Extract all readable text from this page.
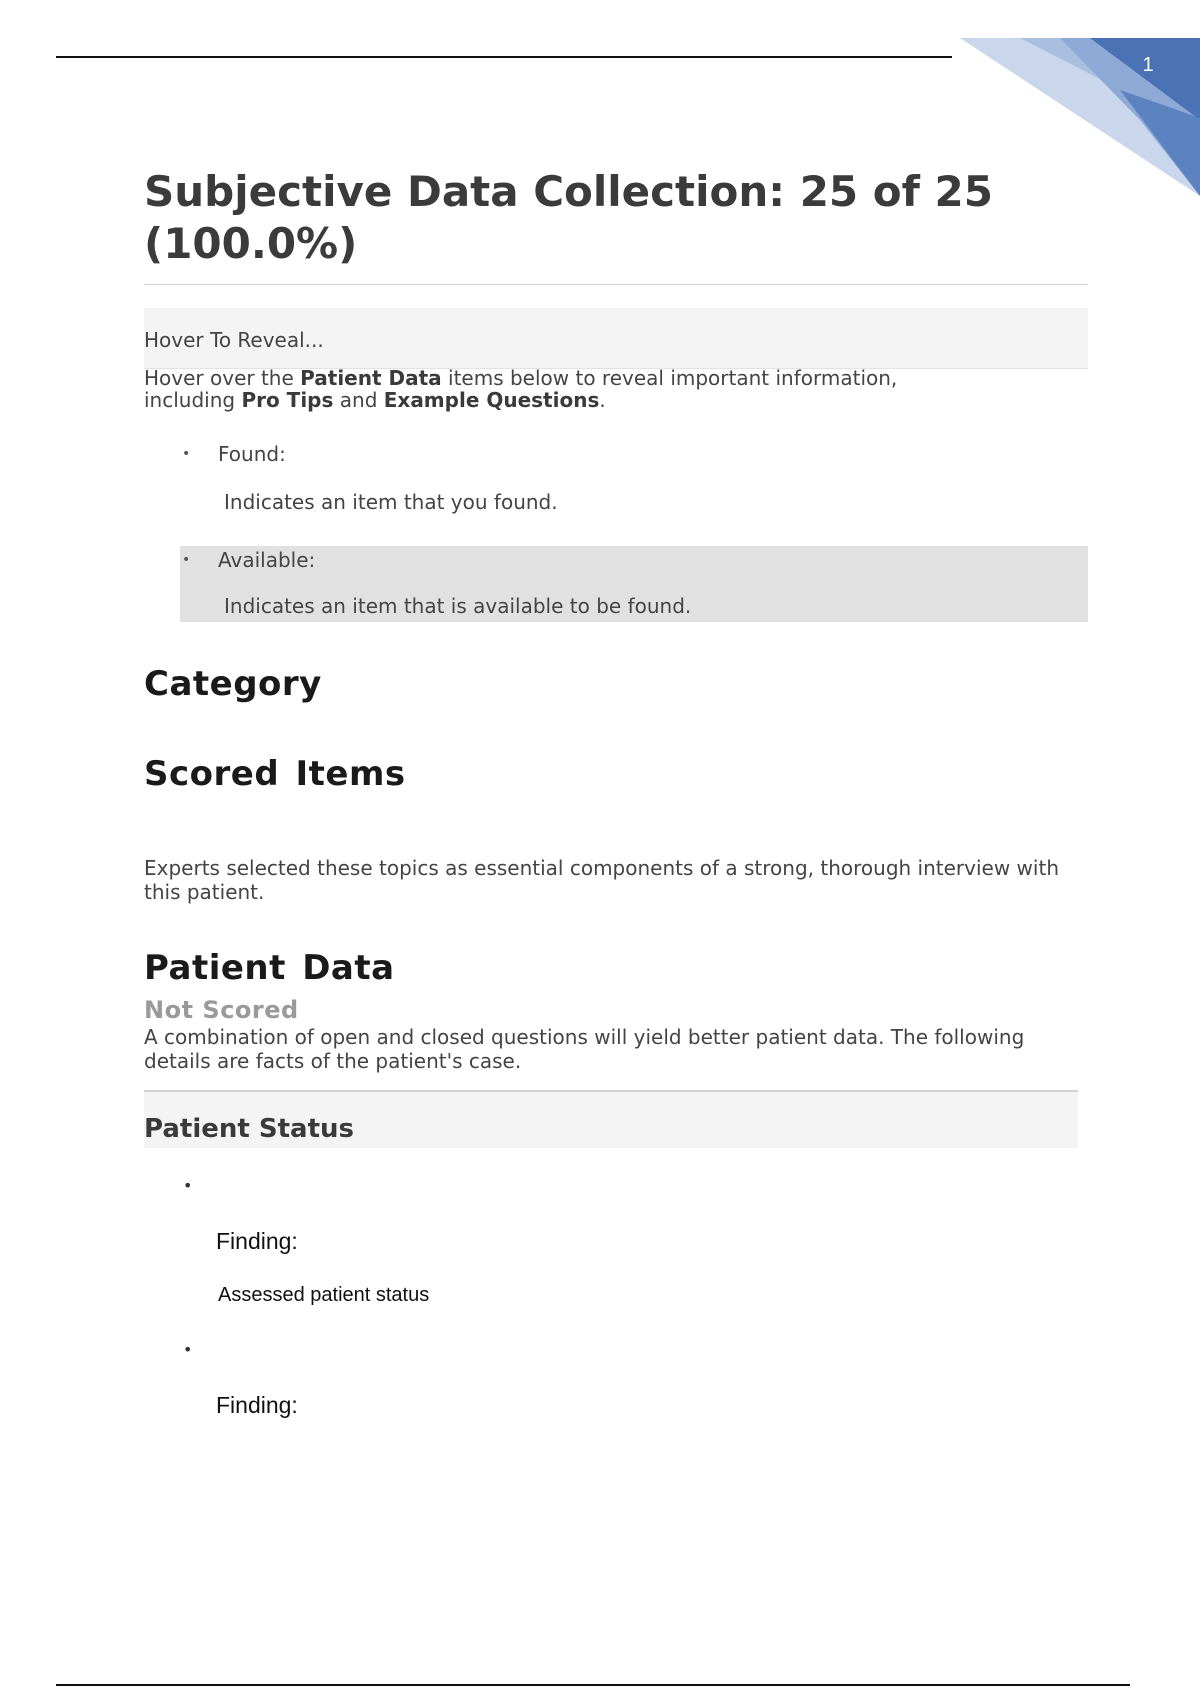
1
Subjective Data Collection: 25 of 25 (100.0%)
Hover To Reveal...
Hover over the Patient Data items below to reveal important information, including Pro Tips and Example Questions.
• Found:
Indicates an item that you found.
• Available:
Indicates an item that is available to be found.
Category
Scored Items
Experts selected these topics as essential components of a strong, thorough interview with this patient.
Patient Data
Not Scored
A combination of open and closed questions will yield better patient data. The following details are facts of the patient's case.
Patient Status
•
Finding:
Assessed patient status
•
Finding:
